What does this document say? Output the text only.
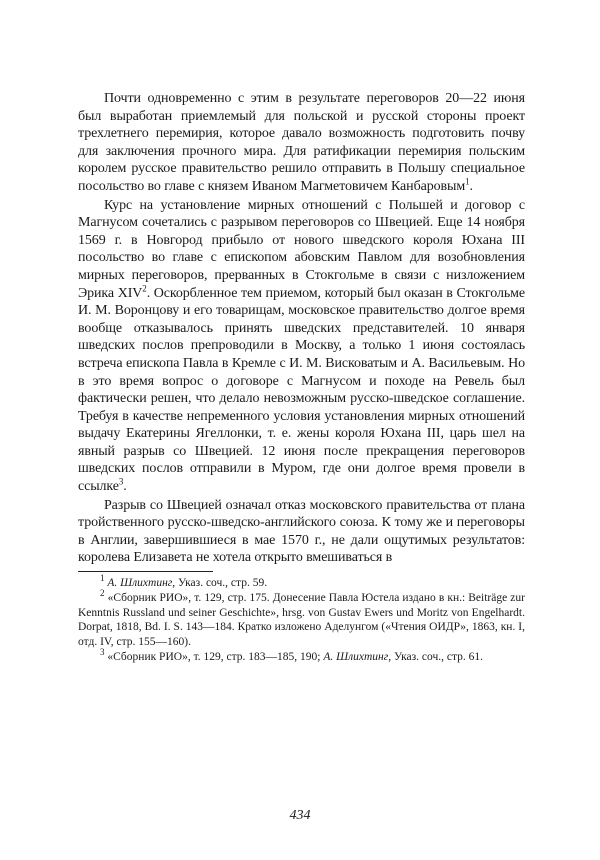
Почти одновременно с этим в результате переговоров 20—22 июня был выработан приемлемый для польской и русской стороны проект трехлетнего перемирия, которое давало возможность подготовить почву для заключения прочного мира. Для ратификации перемирия польским королем русское правительство решило отправить в Польшу специальное посольство во главе с князем Иваном Магметовичем Канбаровым$^1$.

Курс на установление мирных отношений с Польшей и договор с Магнусом сочетались с разрывом переговоров со Швецией. Еще 14 ноября 1569 г. в Новгород прибыло от нового шведского короля Юхана III посольство во главе с епископом абовским Павлом для возобновления мирных переговоров, прерванных в Стокгольме в связи с низложением Эрика XIV$^2$. Оскорбленное тем приемом, который был оказан в Стокгольме И. М. Воронцову и его товарищам, московское правительство долгое время вообще отказывалось принять шведских представителей. 10 января шведских послов препроводили в Москву, а только 1 июня состоялась встреча епископа Павла в Кремле с И. М. Висковатым и А. Васильевым. Но в это время вопрос о договоре с Магнусом и походе на Ревель был фактически решен, что делало невозможным русско-шведское соглашение. Требуя в качестве непременного условия установления мирных отношений выдачу Екатерины Ягеллонки, т. е. жены короля Юхана III, царь шел на явный разрыв со Швецией. 12 июня после прекращения переговоров шведских послов отправили в Муром, где они долгое время провели в ссылке$^3$.

Разрыв со Швецией означал отказ московского правительства от плана тройственного русско-шведско-английского союза. К тому же и переговоры в Англии, завершившиеся в мае 1570 г., не дали ощутимых результатов: королева Елизавета не хотела открыто вмешиваться в

$^1$ А. Шлихтинг, Указ. соч., стр. 59.

$^2$ «Сборник РИО», т. 129, стр. 175. Донесение Павла Юстела издано в кн.: Beiträge zur Kenntnis Russland und seiner Geschichte», hrsg. von Gustav Ewers und Moritz von Engelhardt. Dorpat, 1818, Bd. I. S. 143—184. Кратко изложено Аделунгом («Чтения ОИДР», 1863, кн. I, отд. IV, стр. 155—160).

$^3$ «Сборник РИО», т. 129, стр. 183—185, 190; А. Шлихтинг, Указ. соч., стр. 61.

434
